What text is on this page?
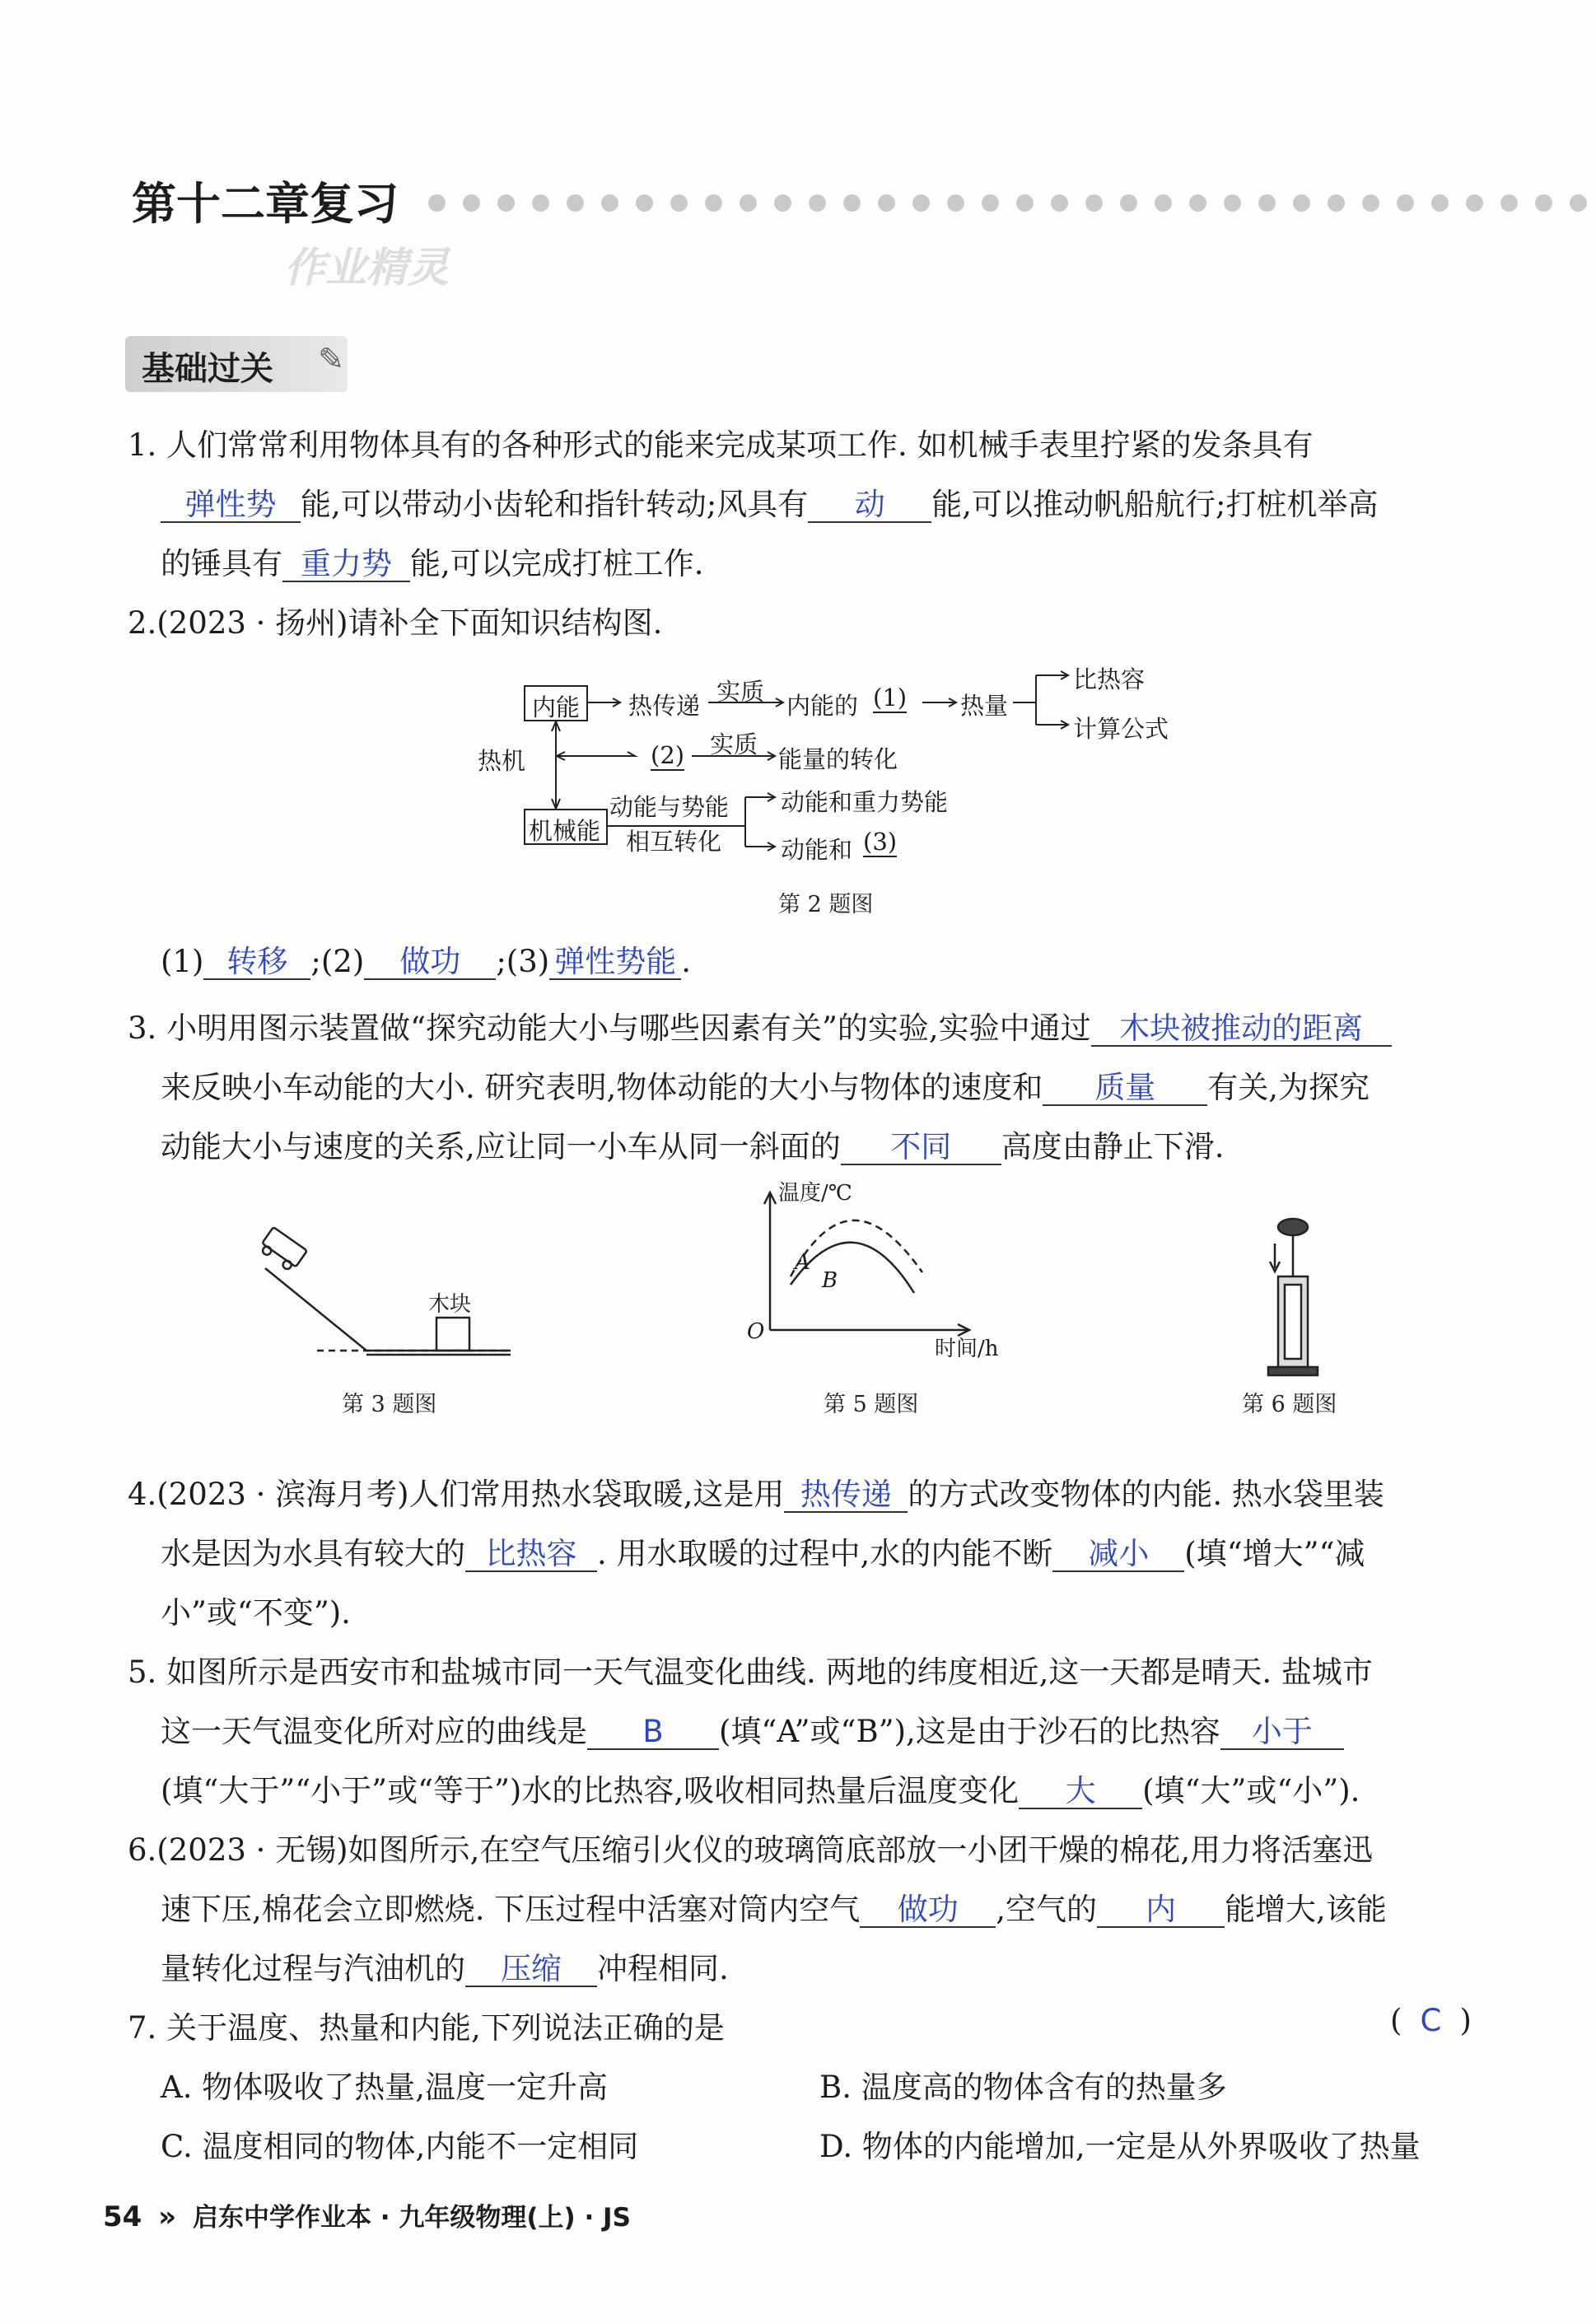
第十二章复习
作业精灵
基础过关 ✎
1. 人们常常利用物体具有的各种形式的能来完成某项工作. 如机械手表里拧紧的发条具有
弹性势 能,可以带动小齿轮和指针转动;风具有 动 能,可以推动帆船航行;打桩机举高
的锤具有 重力势 能,可以完成打桩工作.
2.(2023 · 扬州)请补全下面知识结构图.
内能 热传递 实质 内能的 (1) 热量
比热容
计算公式
热机	(2) 实质
能量的转化
机械能
动能与势能
相互转化
动能和重力势能
动能和 (3)
第 2 题图
(1) 转移 ;(2) 做功 ;(3) 弹性势能 .
3. 小明用图示装置做“探究动能大小与哪些因素有关”的实验,实验中通过 木块被推动的距离
来反映小车动能的大小. 研究表明,物体动能的大小与物体的速度和 质量 有关,为探究
动能大小与速度的关系,应让同一小车从同一斜面的 不同 高度由静止下滑.
木块
第 3 题图
温度/℃
时间/h
O
A
B
第 5 题图	第 6 题图
4.(2023 · 滨海月考)人们常用热水袋取暖,这是用 热传递 的方式改变物体的内能. 热水袋里装
水是因为水具有较大的 比热容 . 用水取暖的过程中,水的内能不断 减小 (填“增大”“减
小”或“不变”).
5. 如图所示是西安市和盐城市同一天气温变化曲线. 两地的纬度相近,这一天都是晴天. 盐城市
这一天气温变化所对应的曲线是 B (填“A”或“B”),这是由于沙石的比热容 小于
(填“大于”“小于”或“等于”)水的比热容,吸收相同热量后温度变化 大 (填“大”或“小”).
6.(2023 · 无锡)如图所示,在空气压缩引火仪的玻璃筒底部放一小团干燥的棉花,用力将活塞迅
速下压,棉花会立即燃烧. 下压过程中活塞对筒内空气 做功 ,空气的 内 能增大,该能
量转化过程与汽油机的 压缩 冲程相同.
7. 关于温度、热量和内能,下列说法正确的是	( C )
A. 物体吸收了热量,温度一定升高	B. 温度高的物体含有的热量多
C. 温度相同的物体,内能不一定相同	D. 物体的内能增加,一定是从外界吸收了热量
54 » 启东中学作业本 · 九年级物理(上) · JS
